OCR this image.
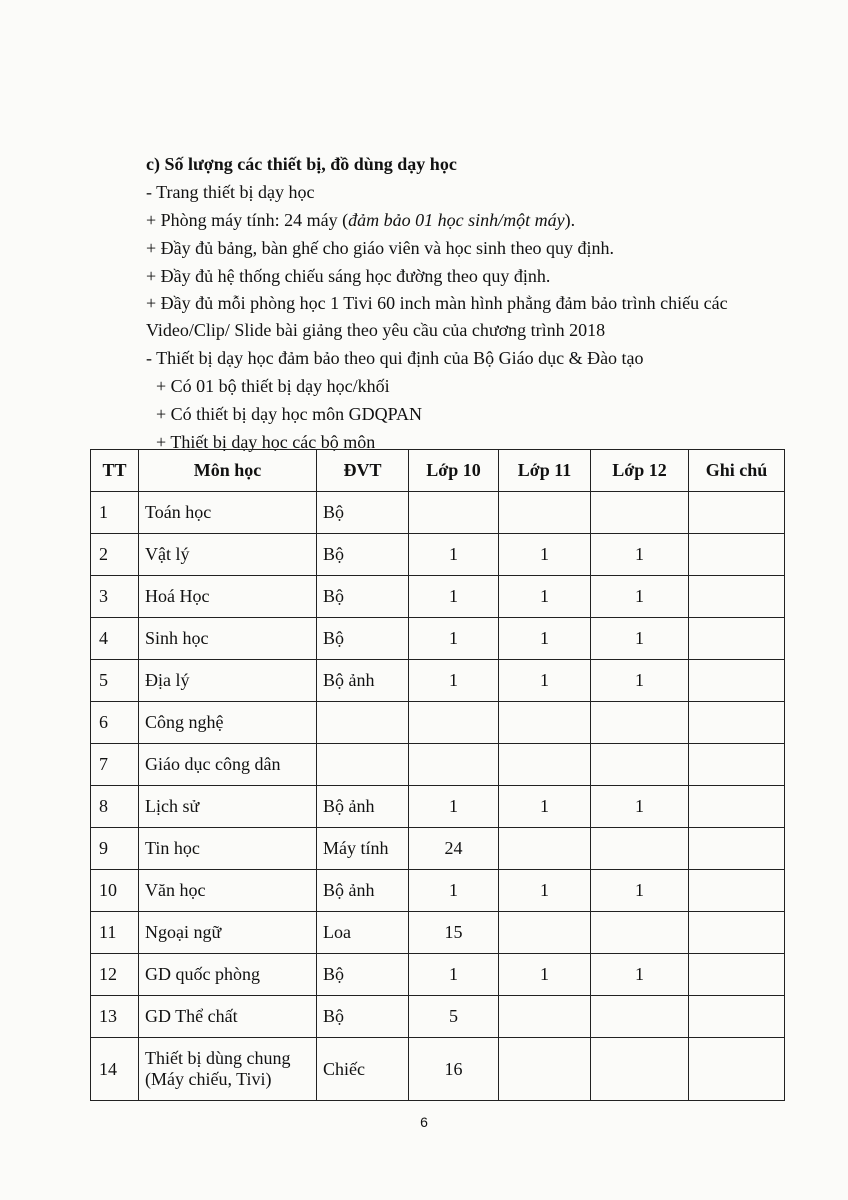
c) Số lượng các thiết bị, đồ dùng dạy học
- Trang thiết bị dạy học
+ Phòng máy tính: 24 máy (đảm bảo 01 học sinh/một máy).
+ Đầy đủ bảng, bàn ghế cho giáo viên và học sinh theo quy định.
+ Đầy đủ hệ thống chiếu sáng học đường theo quy định.
+ Đầy đủ mỗi phòng học 1 Tivi 60 inch màn hình phẳng đảm bảo trình chiếu các Video/Clip/ Slide bài giảng theo yêu cầu của chương trình 2018
- Thiết bị dạy học đảm bảo theo qui định của Bộ Giáo dục & Đào tạo
+ Có 01 bộ thiết bị dạy học/khối
+ Có thiết bị dạy học môn GDQPAN
+ Thiết bị dạy học các bộ môn
TT	Môn học	ĐVT	Lớp 10	Lớp 11	Lớp 12	Ghi chú
1	Toán học	Bộ				
2	Vật lý	Bộ	1	1	1	
3	Hoá Học	Bộ	1	1	1	
4	Sinh học	Bộ	1	1	1	
5	Địa lý	Bộ ảnh	1	1	1	
6	Công nghệ					
7	Giáo dục công dân					
8	Lịch sử	Bộ ảnh	1	1	1	
9	Tin học	Máy tính	24			
10	Văn học	Bộ ảnh	1	1	1	
11	Ngoại ngữ	Loa	15			
12	GD quốc phòng	Bộ	1	1	1	
13	GD Thể chất	Bộ	5			
14	Thiết bị dùng chung (Máy chiếu, Tivi)	Chiếc	16			
6
